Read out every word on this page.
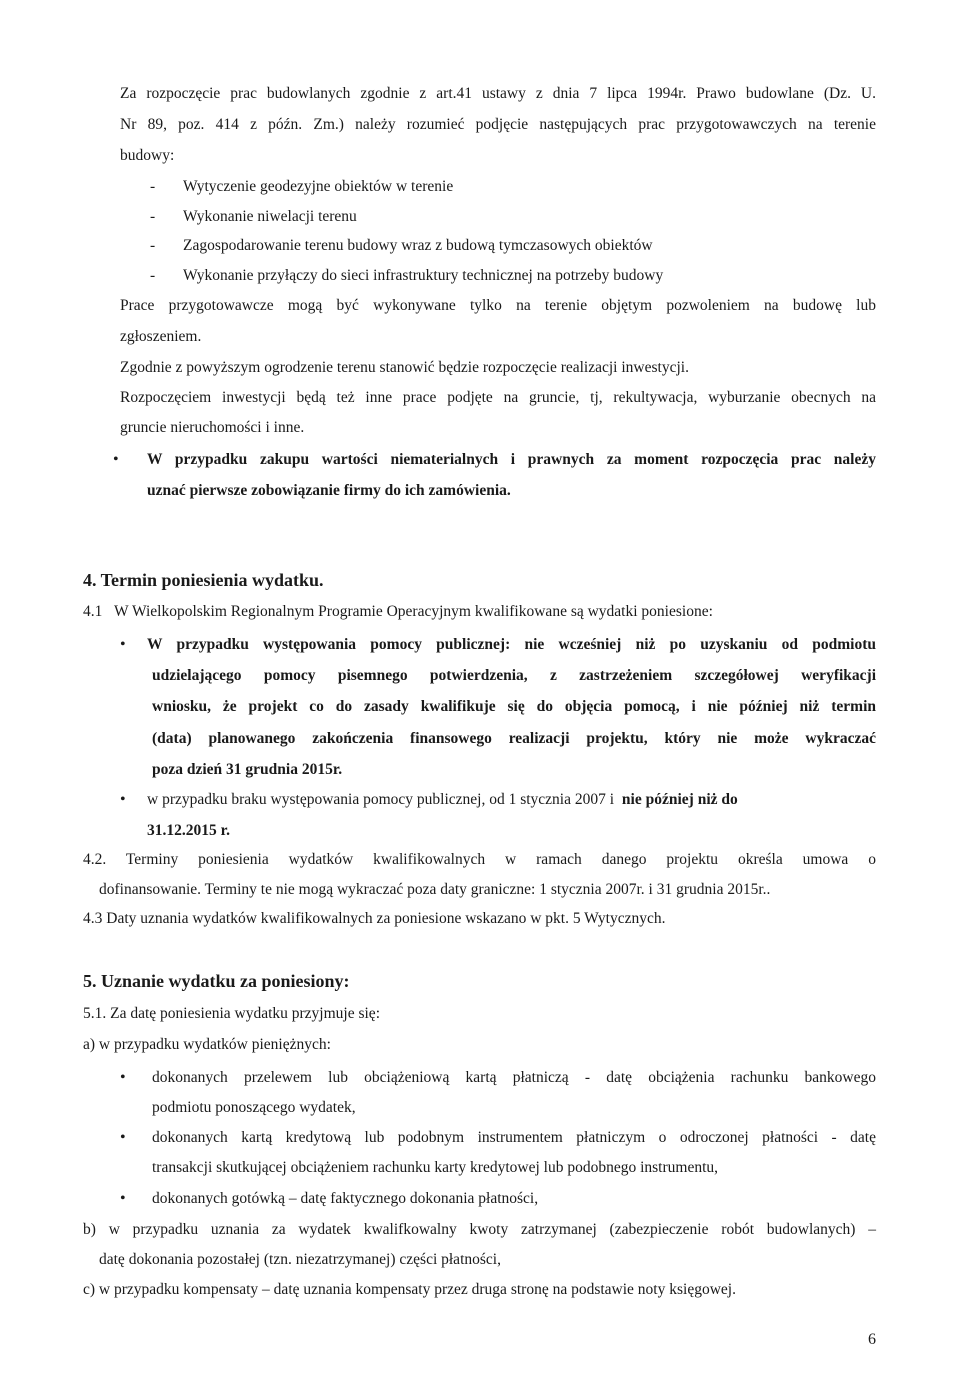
Za rozpoczęcie prac budowlanych zgodnie z art.41 ustawy z dnia 7 lipca 1994r. Prawo budowlane (Dz. U.
Nr 89, poz. 414 z późn. Zm.) należy rozumieć podjęcie następujących prac przygotowawczych na terenie
budowy:
- Wytyczenie geodezyjne obiektów w terenie
- Wykonanie niwelacji terenu
- Zagospodarowanie terenu budowy wraz z budową tymczasowych obiektów
- Wykonanie przyłączy do sieci infrastruktury technicznej na potrzeby budowy
Prace przygotowawcze mogą być wykonywane tylko na terenie objętym pozwoleniem na budowę lub
zgłoszeniem.
Zgodnie z powyższym ogrodzenie terenu stanowić będzie rozpoczęcie realizacji inwestycji.
Rozpoczęciem inwestycji będą też inne prace podjęte na gruncie, tj, rekultywacja, wyburzanie obecnych na
gruncie nieruchomości i inne.
• W przypadku zakupu wartości niematerialnych i prawnych za moment rozpoczęcia prac należy
uznać pierwsze zobowiązanie firmy do ich zamówienia.
4. Termin poniesienia wydatku.
4.1 W Wielkopolskim Regionalnym Programie Operacyjnym kwalifikowane są wydatki poniesione:
• W przypadku występowania pomocy publicznej: nie wcześniej niż po uzyskaniu od podmiotu
udzielającego pomocy pisemnego potwierdzenia, z zastrzeżeniem szczegółowej weryfikacji
wniosku, że projekt co do zasady kwalifikuje się do objęcia pomocą, i nie później niż termin
(data) planowanego zakończenia finansowego realizacji projektu, który nie może wykraczać
poza dzień 31 grudnia 2015r.
• w przypadku braku występowania pomocy publicznej, od 1 stycznia 2007 i nie później niż do
31.12.2015 r.
4.2. Terminy poniesienia wydatków kwalifikowalnych w ramach danego projektu określa umowa o
dofinansowanie. Terminy te nie mogą wykraczać poza daty graniczne: 1 stycznia 2007r. i 31 grudnia 2015r..
4.3 Daty uznania wydatków kwalifikowalnych za poniesione wskazano w pkt. 5 Wytycznych.
5. Uznanie wydatku za poniesiony:
5.1. Za datę poniesienia wydatku przyjmuje się:
a) w przypadku wydatków pieniężnych:
• dokonanych przelewem lub obciążeniową kartą płatniczą - datę obciążenia rachunku bankowego
podmiotu ponoszącego wydatek,
• dokonanych kartą kredytową lub podobnym instrumentem płatniczym o odroczonej płatności - datę
transakcji skutkującej obciążeniem rachunku karty kredytowej lub podobnego instrumentu,
• dokonanych gotówką – datę faktycznego dokonania płatności,
b) w przypadku uznania za wydatek kwalifkowalny kwoty zatrzymanej (zabezpieczenie robót budowlanych) –
datę dokonania pozostałej (tzn. niezatrzymanej) części płatności,
c) w przypadku kompensaty – datę uznania kompensaty przez druga stronę na podstawie noty księgowej.
6
